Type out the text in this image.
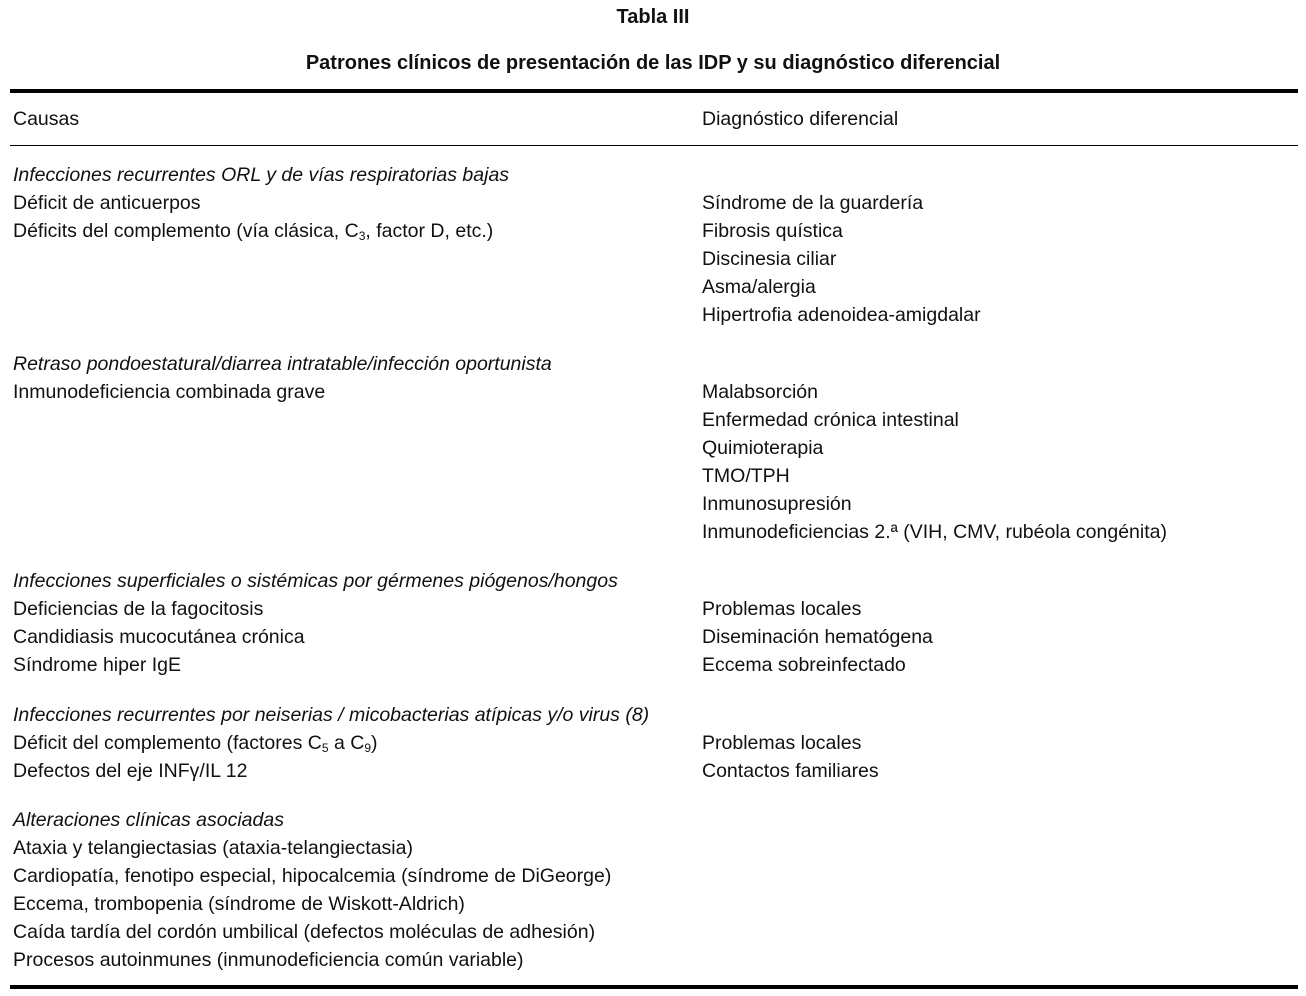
Tabla III
Patrones clínicos de presentación de las IDP y su diagnóstico diferencial
Causas	Diagnóstico diferencial
Infecciones recurrentes ORL y de vías respiratorias bajas
Déficit de anticuerpos
Déficits del complemento (vía clásica, $C_3$, factor D, etc.)
Síndrome de la guardería
Fibrosis quística
Discinesia ciliar
Asma/alergia
Hipertrofia adenoidea-amigdalar
Retraso pondoestatural/diarrea intratable/infección oportunista
Inmunodeficiencia combinada grave	Malabsorción
Enfermedad crónica intestinal
Quimioterapia
TMO/TPH
Inmunosupresión
Inmunodeficiencias 2.ª (VIH, CMV, rubéola congénita)
Infecciones superficiales o sistémicas por gérmenes piógenos/hongos
Deficiencias de la fagocitosis
Candidiasis mucocutánea crónica
Síndrome hiper IgE
Problemas locales
Diseminación hematógena
Eccema sobreinfectado
Infecciones recurrentes por neiserias / micobacterias atípicas y/o virus (8)
Déficit del complemento (factores $C_5$ a $C_9$)
Defectos del eje INFγ/IL 12
Problemas locales
Contactos familiares
Alteraciones clínicas asociadas
Ataxia y telangiectasias (ataxia-telangiectasia)
Cardiopatía, fenotipo especial, hipocalcemia (síndrome de DiGeorge)
Eccema, trombopenia (síndrome de Wiskott-Aldrich)
Caída tardía del cordón umbilical (defectos moléculas de adhesión)
Procesos autoinmunes (inmunodeficiencia común variable)
